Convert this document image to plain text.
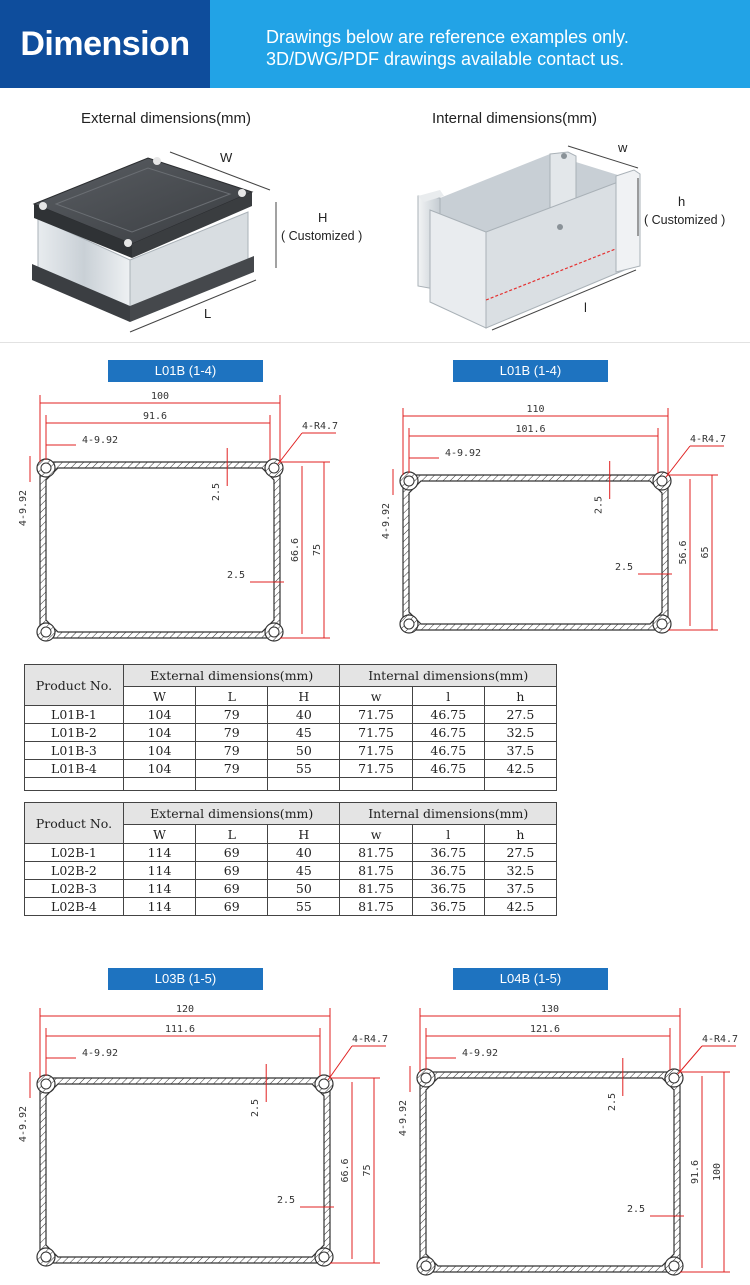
Dimension	Drawings below are reference examples only.
3D/DWG/PDF drawings available contact us.
External dimensions(mm)	Internal dimensions(mm)
W
H
( Customized )
L
w
h
( Customized )
l
L01B (1-4)	L01B (1-4)
L03B (1-5)	L04B (1-5)
100
91.6
4-9.92
4-R4.7
2.5
2.5
66.6 75
4-9.92
110
101.6
4-9.92
4-R4.7
2.5
2.5
56.6 65
4-9.92
120
111.6
4-9.92
4-R4.7
2.5
2.5
66.6 75
4-9.92
130
121.6
4-9.92
4-R4.7
2.5
2.5
91.6 100
4-9.92
Product No.	External dimensions(mm)			Internal dimensions(mm)		
	W	L	H	w	l	h
L01B-1	104	79	40	71.75	46.75	27.5
L01B-2	104	79	45	71.75	46.75	32.5
L01B-3	104	79	50	71.75	46.75	37.5
L01B-4	104	79	55	71.75	46.75	42.5

Product No.	External dimensions(mm)			Internal dimensions(mm)		
	W	L	H	w	l	h
L02B-1	114	69	40	81.75	36.75	27.5
L02B-2	114	69	45	81.75	36.75	32.5
L02B-3	114	69	50	81.75	36.75	37.5
L02B-4	114	69	55	81.75	36.75	42.5
